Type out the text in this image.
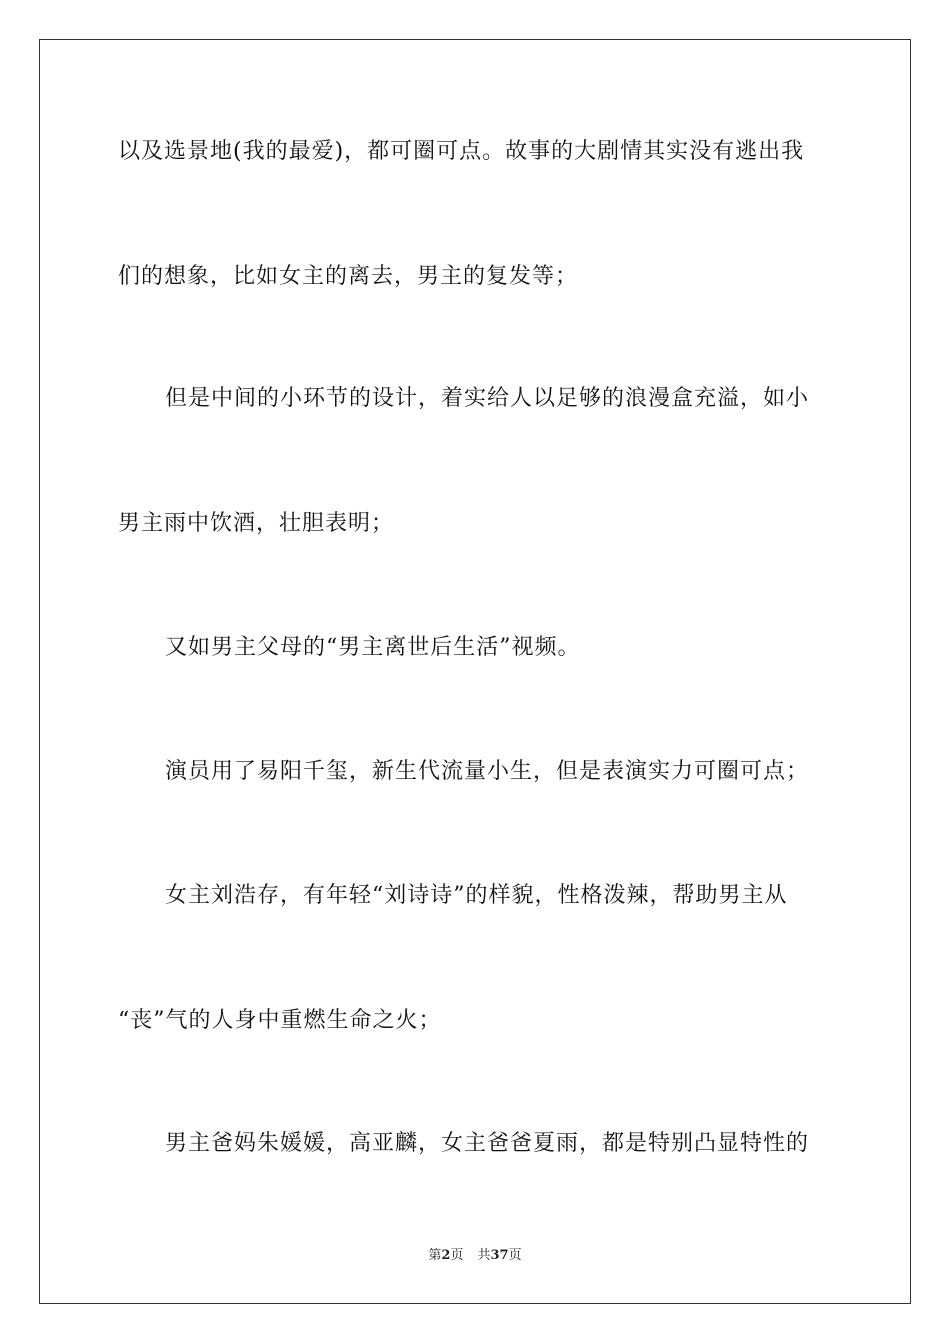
以及选景地(我的最爱)，都可圈可点。故事的大剧情其实没有逃出我
们的想象，比如女主的离去，男主的复发等；
但是中间的小环节的设计，着实给人以足够的浪漫盒充溢，如小
男主雨中饮酒，壮胆表明；
又如男主父母的“男主离世后生活”视频。
演员用了易阳千玺，新生代流量小生，但是表演实力可圈可点；
女主刘浩存，有年轻“刘诗诗”的样貌，性格泼辣，帮助男主从
“丧”气的人身中重燃生命之火；
男主爸妈朱媛媛，高亚麟，女主爸爸夏雨，都是特别凸显特性的
第2页 共37页
